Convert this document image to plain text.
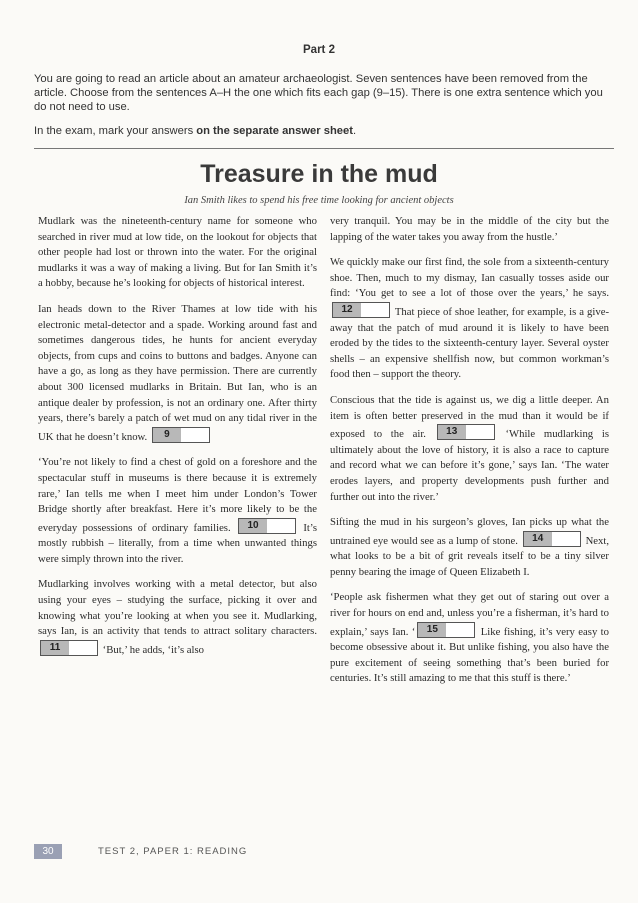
Part 2
You are going to read an article about an amateur archaeologist. Seven sentences have been removed from the article. Choose from the sentences A–H the one which fits each gap (9–15). There is one extra sentence which you do not need to use.
In the exam, mark your answers on the separate answer sheet.
Treasure in the mud
Ian Smith likes to spend his free time looking for ancient objects

Mudlark was the nineteenth-century name for someone who searched in river mud at low tide, on the lookout for objects that other people had lost or thrown into the water. For the original mudlarks it was a way of making a living. But for Ian Smith it’s a hobby, because he’s looking for objects of historical interest.

Ian heads down to the River Thames at low tide with his electronic metal-detector and a spade. Working around fast and sometimes dangerous tides, he hunts for ancient everyday objects, from cups and coins to buttons and badges. Anyone can have a go, as long as they have permission. There are currently about 300 licensed mudlarks in Britain. But Ian, who is an antique dealer by profession, is not an ordinary one. After thirty years, there’s barely a patch of wet mud on any tidal river in the UK that he doesn’t know.	9

‘You’re not likely to find a chest of gold on a foreshore and the spectacular stuff in museums is there because it is extremely rare,’ Ian tells me when I meet him under London’s Tower Bridge shortly after breakfast. Here it’s more likely to be the everyday possessions of ordinary families.	10	It’s mostly rubbish – literally, from a time when unwanted things were simply thrown into the river.

Mudlarking involves working with a metal detector, but also using your eyes – studying the surface, picking it over and knowing what you’re looking at when you see it. Mudlarking, says Ian, is an activity that tends to attract solitary characters.
11	‘But,’ he adds, ‘it’s also

very tranquil. You may be in the middle of the city but the lapping of the water takes you away from the hustle.’

We quickly make our first find, the sole from a sixteenth-century shoe. Then, much to my dismay, Ian casually tosses aside our find: ‘You get to see a lot of those over the years,’ he says.
12	That piece of shoe leather, for example, is a give-away that the patch of mud around it is likely to have been eroded by the tides to the sixteenth-century layer. Several oyster shells – an expensive shellfish now, but common workman’s food then – support the theory.

Conscious that the tide is against us, we dig a little deeper. An item is often better preserved in the mud than it would be if exposed to the air.	13	‘While mudlarking is ultimately about the love of history, it is also a race to capture and record what we can before it’s gone,’ says Ian. ‘The water erodes layers, and property developments push further and further out into the river.’

Sifting the mud in his surgeon’s gloves, Ian picks up what the untrained eye would see as a lump of stone.	14	Next, what looks to be a bit of grit reveals itself to be a tiny silver penny bearing the image of Queen Elizabeth I.

‘People ask fishermen what they get out of staring out over a river for hours on end and, unless you’re a fisherman, it’s hard to explain,’ says Ian. ‘	15	Like fishing, it’s very easy to become obsessive about it. But unlike fishing, you also have the pure excitement of seeing something that’s been buried for centuries. It’s still amazing to me that this stuff is there.’

30	TEST 2, PAPER 1: READING
